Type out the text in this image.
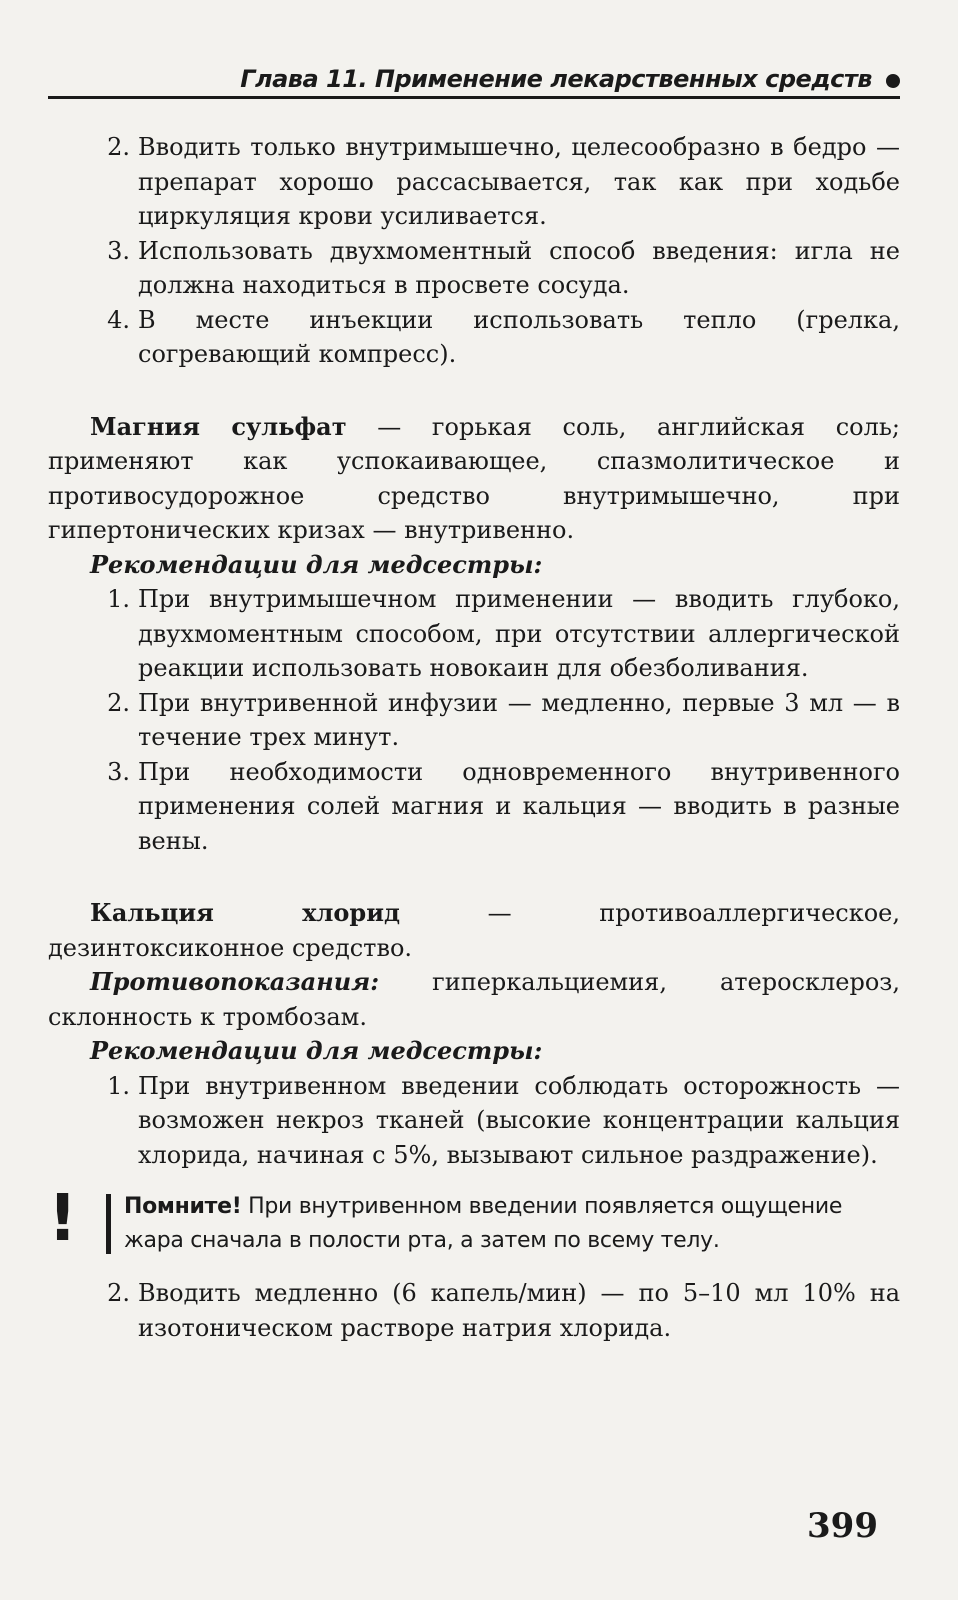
Глава 11. Применение лекарственных средств
2. Вводить только внутримышечно, целесообразно в бедро — препарат хорошо рассасывается, так как при ходьбе циркуляция крови усиливается.
3. Использовать двухмоментный способ введения: игла не должна находиться в просвете сосуда.
4. В месте инъекции использовать тепло (грелка, согревающий компресс).

Магния сульфат — горькая соль, английская соль; применяют как успокаивающее, спазмолитическое и противосудорожное средство внутримышечно, при гипертонических кризах — внутривенно.

Рекомендации для медсестры:

1. При внутримышечном применении — вводить глубоко, двухмоментным способом, при отсутствии аллергической реакции использовать новокаин для обезболивания.
2. При внутривенной инфузии — медленно, первые 3 мл — в течение трех минут.
3. При необходимости одновременного внутривенного применения солей магния и кальция — вводить в разные вены.

Кальция хлорид — противоаллергическое, дезинтоксиконное средство.

Противопоказания: гиперкальциемия, атеросклероз, склонность к тромбозам.

Рекомендации для медсестры:

1. При внутривенном введении соблюдать осторожность — возможен некроз тканей (высокие концентрации кальция хлорида, начиная с 5%, вызывают сильное раздражение).
! Помните! При внутривенном введении появляется ощущение жара сначала в полости рта, а затем по всему телу.
2. Вводить медленно (6 капель/мин) — по 5–10 мл 10% на изотоническом растворе натрия хлорида.
399
